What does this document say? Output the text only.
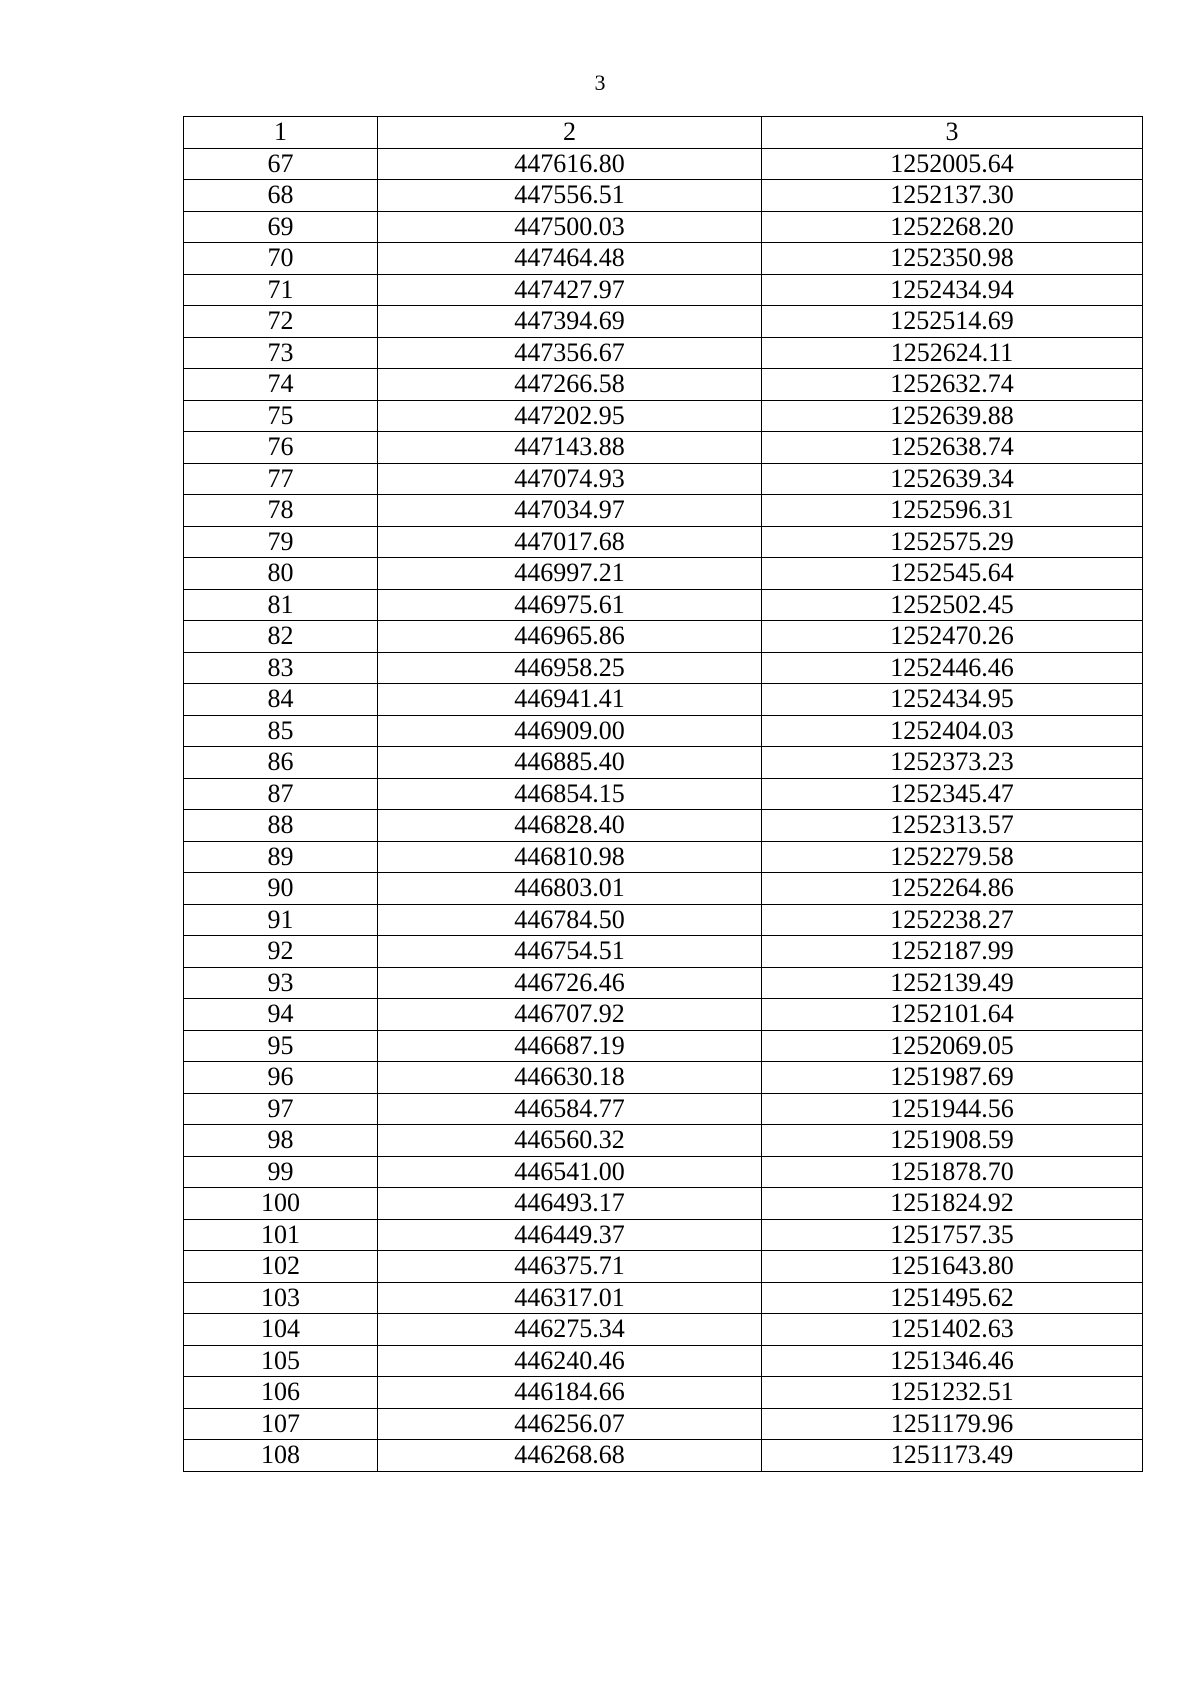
3
1	2	3
67	447616.80	1252005.64
68	447556.51	1252137.30
69	447500.03	1252268.20
70	447464.48	1252350.98
71	447427.97	1252434.94
72	447394.69	1252514.69
73	447356.67	1252624.11
74	447266.58	1252632.74
75	447202.95	1252639.88
76	447143.88	1252638.74
77	447074.93	1252639.34
78	447034.97	1252596.31
79	447017.68	1252575.29
80	446997.21	1252545.64
81	446975.61	1252502.45
82	446965.86	1252470.26
83	446958.25	1252446.46
84	446941.41	1252434.95
85	446909.00	1252404.03
86	446885.40	1252373.23
87	446854.15	1252345.47
88	446828.40	1252313.57
89	446810.98	1252279.58
90	446803.01	1252264.86
91	446784.50	1252238.27
92	446754.51	1252187.99
93	446726.46	1252139.49
94	446707.92	1252101.64
95	446687.19	1252069.05
96	446630.18	1251987.69
97	446584.77	1251944.56
98	446560.32	1251908.59
99	446541.00	1251878.70
100	446493.17	1251824.92
101	446449.37	1251757.35
102	446375.71	1251643.80
103	446317.01	1251495.62
104	446275.34	1251402.63
105	446240.46	1251346.46
106	446184.66	1251232.51
107	446256.07	1251179.96
108	446268.68	1251173.49
